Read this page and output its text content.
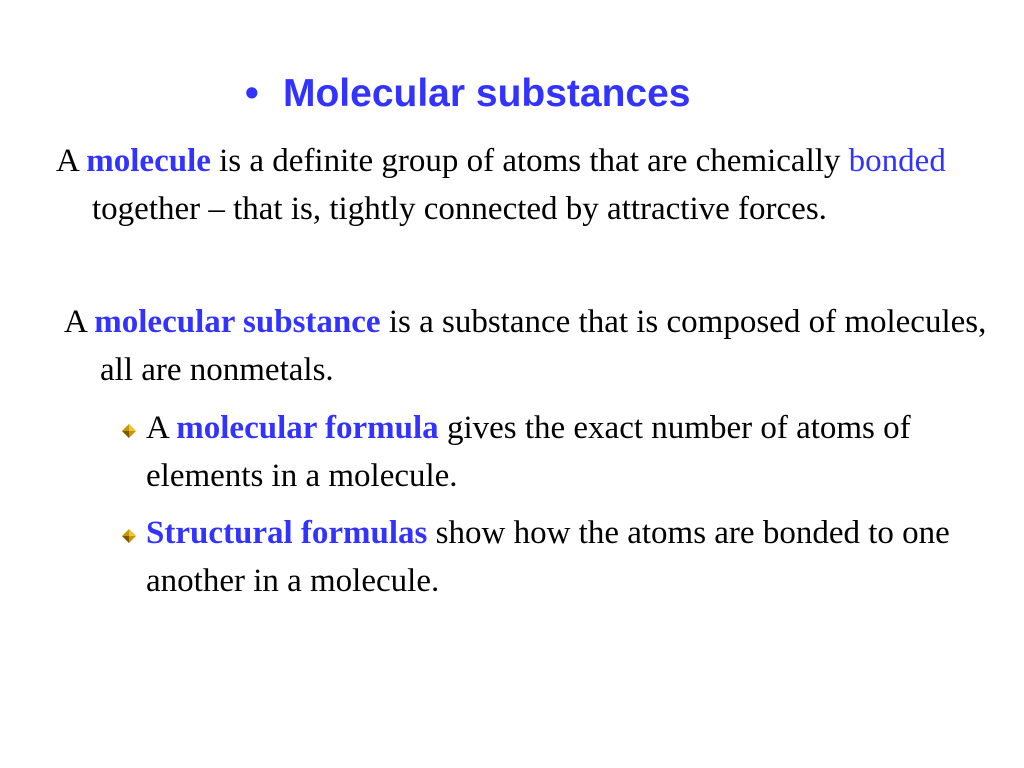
• Molecular substances
A molecule is a definite group of atoms that are chemically bonded together – that is, tightly connected by attractive forces.
A molecular substance is a substance that is composed of molecules, all are nonmetals.
A molecular formula gives the exact number of atoms of elements in a molecule.
Structural formulas show how the atoms are bonded to one another in a molecule.
